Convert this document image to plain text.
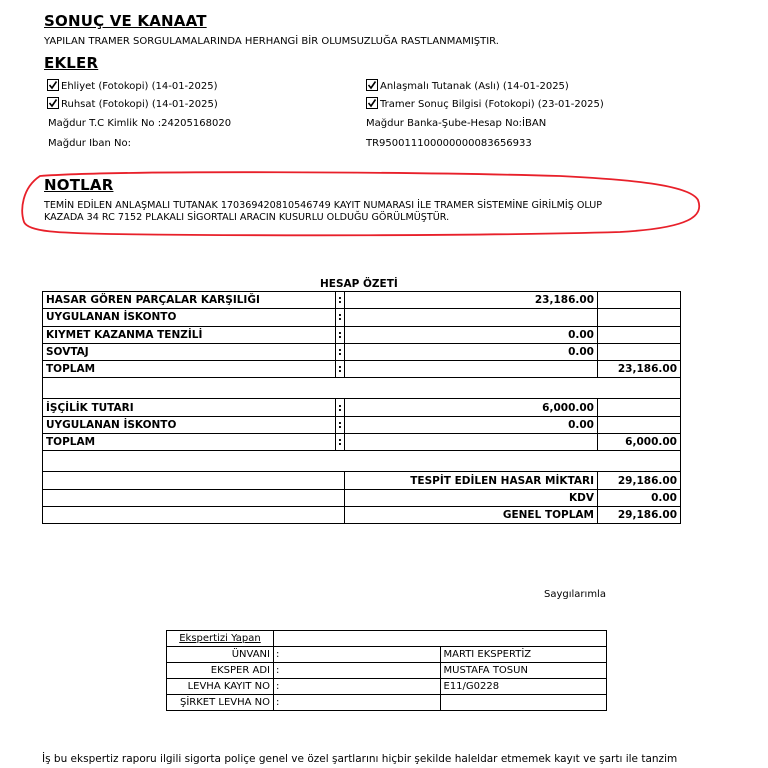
SONUÇ VE KANAAT
YAPILAN TRAMER SORGULAMALARINDA HERHANGİ BİR OLUMSUZLUĞA RASTLANMAMIŞTIR.
EKLER
Ehliyet (Fotokopi) (14-01-2025)
Ruhsat (Fotokopi) (14-01-2025)
Anlaşmalı Tutanak (Aslı) (14-01-2025)
Tramer Sonuç Bilgisi (Fotokopi) (23-01-2025)
Mağdur T.C Kimlik No :24205168020
Mağdur Iban No:
Mağdur Banka-Şube-Hesap No:İBAN
TR950011100000000083656933
NOTLAR
TEMİN EDİLEN ANLAŞMALI TUTANAK 170369420810546749 KAYIT NUMARASI İLE TRAMER SİSTEMİNE GİRİLMİŞ OLUP
KAZADA 34 RC 7152 PLAKALI SİGORTALI ARACIN KUSURLU OLDUĞU GÖRÜLMÜŞTÜR.
HESAP ÖZETİ
HASAR GÖREN PARÇALAR KARŞILIĞI	:	23,186.00	
UYGULANAN İSKONTO	:		
KIYMET KAZANMA TENZİLİ	:	0.00	
SOVTAJ	:	0.00	
TOPLAM	:		23,186.00

İŞÇİLİK TUTARI	:	6,000.00	
UYGULANAN İSKONTO	:	0.00	
TOPLAM	:		6,000.00

		TESPİT EDİLEN HASAR MİKTARI	29,186.00
		KDV	0.00
		GENEL TOPLAM	29,186.00
Saygılarımla
Ekspertizi Yapan		
ÜNVANI	:	MARTI EKSPERTİZ
EKSPER ADI	:	MUSTAFA TOSUN
LEVHA KAYIT NO	:	E11/G0228
ŞİRKET LEVHA NO	:	
İş bu ekspertiz raporu ilgili sigorta poliçe genel ve özel şartlarını hiçbir şekilde haleldar etmemek kayıt ve şartı ile tanzim
